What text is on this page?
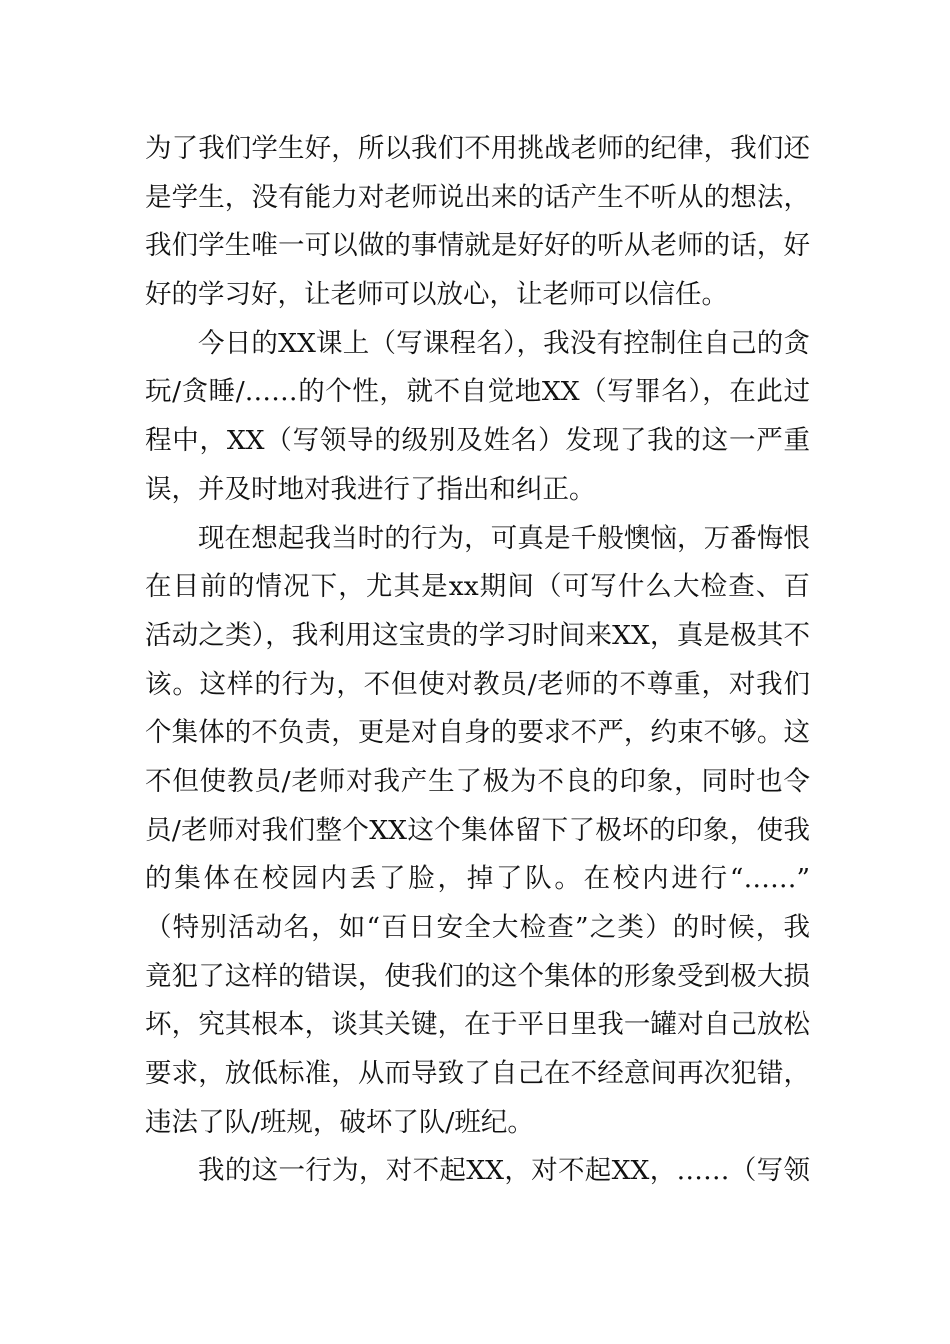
为了我们学生好，所以我们不用挑战老师的纪律，我们还
是学生，没有能力对老师说出来的话产生不听从的想法，
我们学生唯一可以做的事情就是好好的听从老师的话，好
好的学习好，让老师可以放心，让老师可以信任。
今日的XX课上（写课程名），我没有控制住自己的贪
玩/贪睡/……的个性，就不自觉地XX（写罪名），在此过
程中，XX（写领导的级别及姓名）发现了我的这一严重
误，并及时地对我进行了指出和纠正。
现在想起我当时的行为，可真是千般懊恼，万番悔恨
在目前的情况下，尤其是xx期间（可写什么大检查、百
活动之类），我利用这宝贵的学习时间来XX，真是极其不
该。这样的行为，不但使对教员/老师的不尊重，对我们
个集体的不负责，更是对自身的要求不严，约束不够。这
不但使教员/老师对我产生了极为不良的印象，同时也令
员/老师对我们整个XX这个集体留下了极坏的印象，使我
的集体在校园内丢了脸，掉了队。在校内进行“……”
（特别活动名，如“百日安全大检查”之类）的时候，我
竟犯了这样的错误，使我们的这个集体的形象受到极大损
坏，究其根本，谈其关键，在于平日里我一罐对自己放松
要求，放低标准，从而导致了自己在不经意间再次犯错，
违法了队/班规，破坏了队/班纪。
我的这一行为，对不起XX，对不起XX，……（写领
